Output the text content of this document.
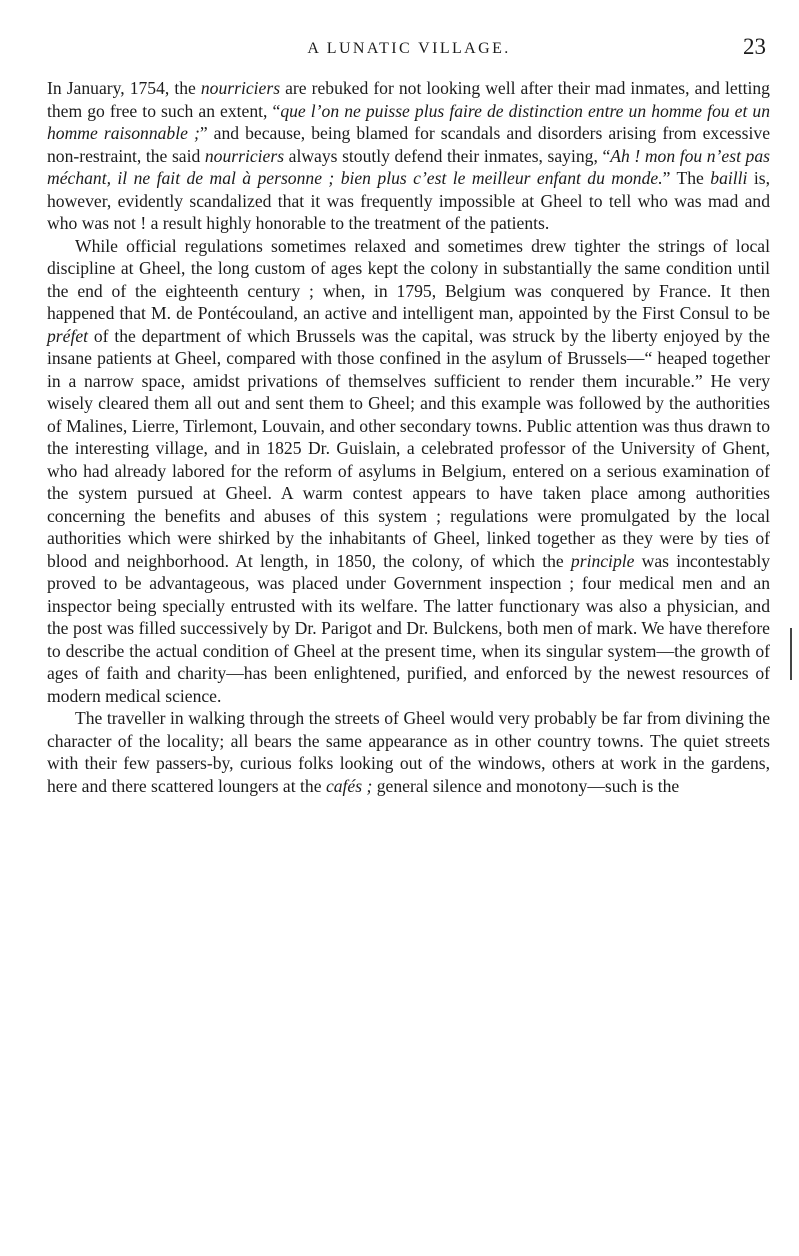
A LUNATIC VILLAGE.	23

In January, 1754, the nourriciers are rebuked for not looking well after their mad inmates, and letting them go free to such an extent, “que l’on ne puisse plus faire de distinction entre un homme fou et un homme raisonnable ;” and because, being blamed for scandals and disorders arising from excessive non-restraint, the said nourriciers always stoutly defend their inmates, saying, “Ah ! mon fou n’est pas méchant, il ne fait de mal à personne ; bien plus c’est le meilleur enfant du monde.” The bailli is, however, evidently scandalized that it was frequently impossible at Gheel to tell who was mad and who was not ! a result highly honorable to the treatment of the patients.

While official regulations sometimes relaxed and sometimes drew tighter the strings of local discipline at Gheel, the long custom of ages kept the colony in substantially the same condition until the end of the eighteenth century ; when, in 1795, Belgium was conquered by France. It then happened that M. de Pontécouland, an active and intelligent man, appointed by the First Consul to be préfet of the department of which Brussels was the capital, was struck by the liberty enjoyed by the insane patients at Gheel, compared with those confined in the asylum of Brussels—“ heaped together in a narrow space, amidst privations of themselves sufficient to render them incurable.” He very wisely cleared them all out and sent them to Gheel; and this example was followed by the authorities of Malines, Lierre, Tirlemont, Louvain, and other secondary towns. Public attention was thus drawn to the interesting village, and in 1825 Dr. Guislain, a celebrated professor of the University of Ghent, who had already labored for the reform of asylums in Belgium, entered on a serious examination of the system pursued at Gheel. A warm contest appears to have taken place among authorities concerning the benefits and abuses of this system ; regulations were promulgated by the local authorities which were shirked by the inhabitants of Gheel, linked together as they were by ties of blood and neighborhood. At length, in 1850, the colony, of which the principle was incontestably proved to be advantageous, was placed under Government inspection ; four medical men and an inspector being specially entrusted with its welfare. The latter functionary was also a physician, and the post was filled successively by Dr. Parigot and Dr. Bulckens, both men of mark. We have therefore to describe the actual condition of Gheel at the present time, when its singular system—the growth of ages of faith and charity—has been enlightened, purified, and enforced by the newest resources of modern medical science.

The traveller in walking through the streets of Gheel would very probably be far from divining the character of the locality; all bears the same appearance as in other country towns. The quiet streets with their few passers-by, curious folks looking out of the windows, others at work in the gardens, here and there scattered loungers at the cafés ; general silence and monotony—such is the
